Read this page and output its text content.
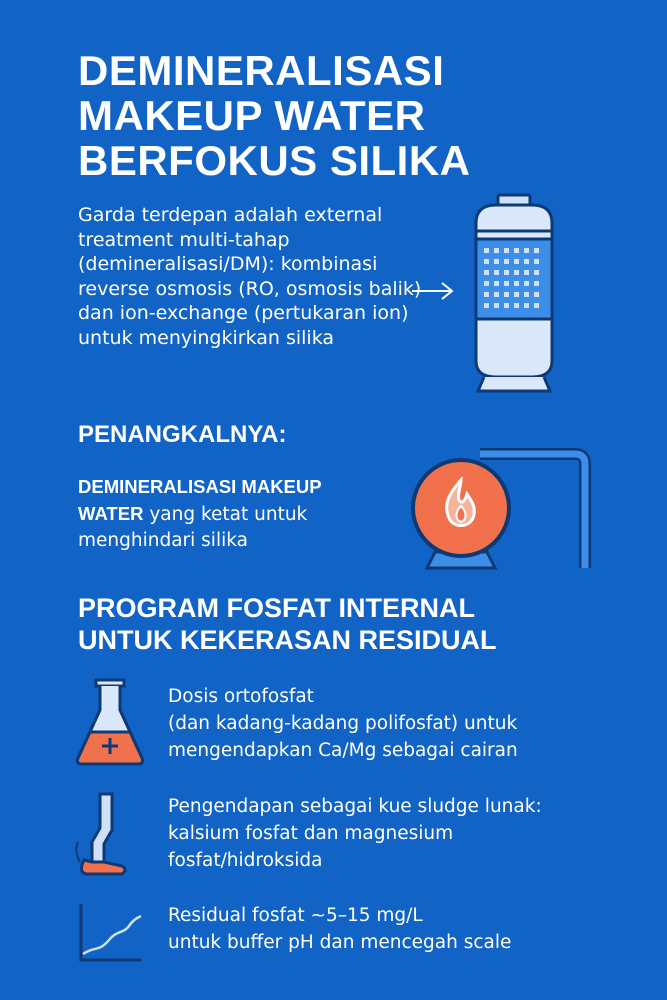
DEMINERALISASI
MAKEUP WATER
BERFOKUS SILIKA
Garda terdepan adalah external treatment multi-tahap (demineralisasi/DM): kombinasi reverse osmosis (RO, osmosis balik) dan ion-exchange (pertukaran ion) untuk menyingkirkan silika
PENANGKALNYA:
DEMINERALISASI MAKEUP
WATER yang ketat untuk
menghindari silika
PROGRAM FOSFAT INTERNAL
UNTUK KEKERASAN RESIDUAL
Dosis ortofosfat
(dan kadang-kadang polifosfat) untuk
mengendapkan Ca/Mg sebagai cairan
Pengendapan sebagai kue sludge lunak:
kalsium fosfat dan magnesium
fosfat/hidroksida
Residual fosfat ~5–15 mg/L
untuk buffer pH dan mencegah scale
